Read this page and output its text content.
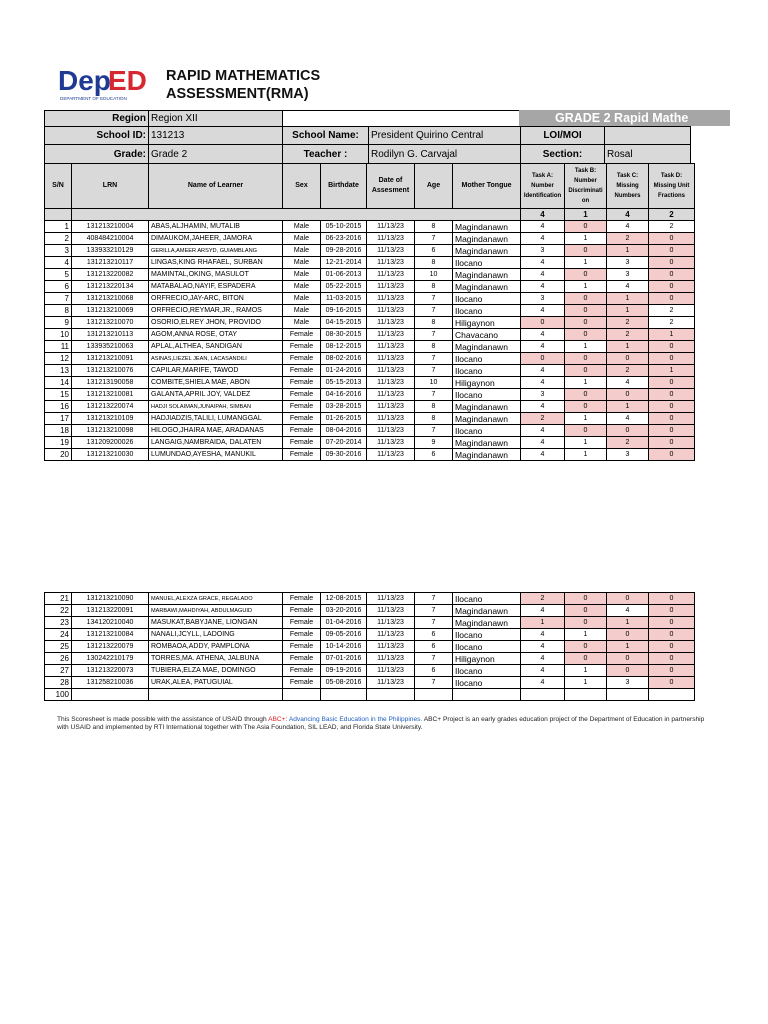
Dep
ED
DEPARTMENT OF EDUCATION
RAPID MATHEMATICS
ASSESSMENT(RMA)
Region	Region XII				
School ID:	131213	School Name:	President Quirino Central	LOI/MOI	
Grade:	Grade 2	Teacher :	Rodilyn G. Carvajal	Section:	Rosal
GRADE 2 Rapid Mathe
S/N	LRN	Name of Learner	Sex	Birthdate	Date of Assesment	Age	Mother Tongue	Task A: Number Identification	Task B: Number Discriminati on	Task C: Missing Numbers	Task D: Missing Unit Fractions
								4	1	4	2
1	131213210004	ABAS,ALJHAMIN, MUTALIB	Male	05-10-2015	11/13/23	8	Magindanawn	4	0	4	2
2	408484210004	DIMAUKOM,JAHEER, JAMORA	Male	06-23-2016	11/13/23	7	Magindanawn	4	1	2	0
3	133933210129	GERILLA,AMEER ARSYD, GUIAMBLANG	Male	09-28-2016	11/13/23	6	Magindanawn	3	0	1	0
4	131213210117	LINGAS,KING RHAFAEL, SURBAN	Male	12-21-2014	11/13/23	8	Ilocano	4	1	3	0
5	131213220082	MAMINTAL,OKING, MASULOT	Male	01-06-2013	11/13/23	10	Magindanawn	4	0	3	0
6	131213220134	MATABALAO,NAYIF, ESPADERA	Male	05-22-2015	11/13/23	8	Magindanawn	4	1	4	0
7	131213210068	ORFRECIO,JAY-ARC, BITON	Male	11-03-2015	11/13/23	7	Ilocano	3	0	1	0
8	131213210069	ORFRECIO,REYMAR,JR., RAMOS	Male	09-16-2015	11/13/23	7	Ilocano	4	0	1	2
9	131213210070	OSORIO,ELREY JHON, PROVIDO	Male	04-15-2015	11/13/23	8	Hiligaynon	0	0	2	2
10	131213210113	AGOM,ANNA ROSE, OTAY	Female	08-30-2015	11/13/23	7	Chavacano	4	0	2	1
11	133935210063	APLAL,ALTHEA, SANDIGAN	Female	08-12-2015	11/13/23	8	Magindanawn	4	1	1	0
12	131213210091	ASINAS,LIEZEL JEAN, LACASANDILI	Female	08-02-2016	11/13/23	7	Ilocano	0	0	0	0
13	131213210076	CAPILAR,MARIFE, TAWOD	Female	01-24-2016	11/13/23	7	Ilocano	4	0	2	1
14	131213190058	COMBITE,SHIELA MAE, ABON	Female	05-15-2013	11/13/23	10	Hiligaynon	4	1	4	0
15	131213210081	GALANTA,APRIL JOY, VALDEZ	Female	04-16-2016	11/13/23	7	Ilocano	3	0	0	0
16	131213220074	HADJI SOLAIMAN,JUNAIPAH, SIMBAN	Female	03-28-2015	11/13/23	8	Magindanawn	4	0	1	0
17	131213210109	HADJIADZIS,TALILI, LUMANGGAL	Female	01-26-2015	11/13/23	8	Magindanawn	2	1	4	0
18	131213210098	HILOGO,JHAIRA MAE, ARADANAS	Female	08-04-2016	11/13/23	7	Ilocano	4	0	0	0
19	131209200026	LANGAIG,NAMBRAIDA, DALATEN	Female	07-20-2014	11/13/23	9	Magindanawn	4	1	2	0
20	131213210030	LUMUNDAO,AYESHA, MANUKIL	Female	09-30-2016	11/13/23	6	Magindanawn	4	1	3	0
21	131213210090	MANUEL,ALEXZA GRACE, REGALADO	Female	12-08-2015	11/13/23	7	Ilocano	2	0	0	0
22	131213220091	MARBAWI,MAHDIYAH, ABDULMAGUID	Female	03-20-2016	11/13/23	7	Magindanawn	4	0	4	0
23	134120210040	MASUKAT,BABYJANE, LIONGAN	Female	01-04-2016	11/13/23	7	Magindanawn	1	0	1	0
24	131213210084	NANALI,JCYLL, LADOING	Female	09-05-2016	11/13/23	6	Ilocano	4	1	0	0
25	131213220079	ROMBAOA,ADDY, PAMPLONA	Female	10-14-2016	11/13/23	6	Ilocano	4	0	1	0
26	130242210179	TORRES,MA. ATHENA, JALBUNA	Female	07-01-2016	11/13/23	7	Hiligaynon	4	0	0	0
27	131213220073	TUBIERA,ELZA MAE, DOMINGO	Female	09-19-2016	11/13/23	6	Ilocano	4	1	0	0
28	131258210036	URAK,ALEA, PATUGUIAL	Female	05-08-2016	11/13/23	7	Ilocano	4	1	3	0
100											
This Scoresheet is made possible with the assistance of USAID through ABC+: Advancing Basic Education in the Philippines. ABC+ Project is an early grades education project of the Department of Education in partnership with USAID and implemented by RTI International together with The Asia Foundation, SIL LEAD, and Florida State University.
